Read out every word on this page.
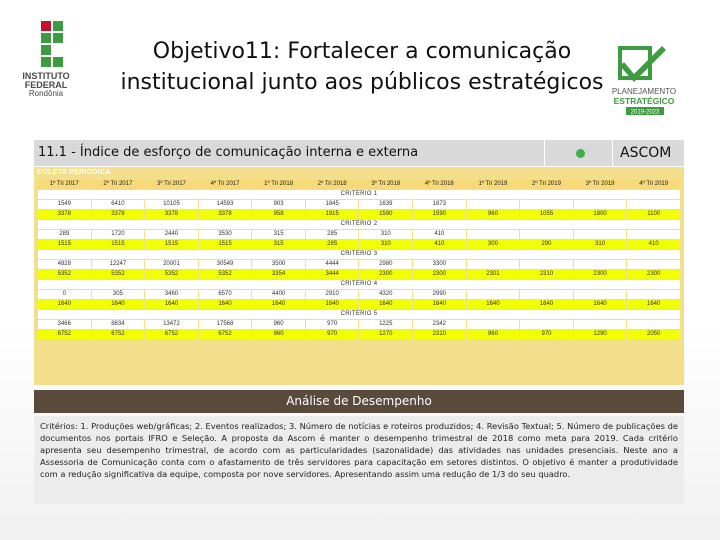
INSTITUTO
FEDERAL
Rondônia	PLANEJAMENTO
ESTRATÉGICO
2019-2023
Objetivo11: Fortalecer a comunicação institucional junto aos públicos estratégicos
11.1 - Índice de esforço de comunicação interna e externa	ASCOM
COLETA PERIÓDICA
1º Tri 2017	2º Tri 2017	3º Tri 2017	4º Tri 2017	1º Tri 2018	2º Tri 2018	3º Tri 2018	4º Tri 2018	1º Tri 2019	2º Tri 2019	3º Tri 2019	4º Tri 2019
CRITÉRIO 1											
1549	6410	10105	14593	903	1845	1639	1873				
3378	3378	3378	3378	958	1915	1590	1590	960	1055	1800	1100
CRITÉRIO 2											
289	1720	2440	3530	315	285	310	410				
1515	1515	1515	1515	315	285	310	410	300	290	310	410
CRITÉRIO 3											
4828	12247	20001	30549	3500	4444	2980	3300				
5352	5352	5352	5352	3354	3444	2300	2300	2301	2310	2300	2300
CRITÉRIO 4											
0	305	3460	6570	4400	2910	4320	2990				
1640	1640	1640	1640	1640	1640	1640	1640	1640	1640	1640	1640
CRITÉRIO 5											
3466	8834	13472	17568	960	970	1225	2342				
6752	6752	6752	6752	960	970	1270	2310	960	970	1290	2050
Análise de Desempenho

Critérios: 1. Produções web/gráficas; 2. Eventos realizados; 3. Número de notícias e roteiros produzidos; 4. Revisão Textual; 5. Número de publicações de documentos nos portais IFRO e Seleção. A proposta da Ascom é manter o desempenho trimestral de 2018 como meta para 2019. Cada critério apresenta seu desempenho trimestral, de acordo com as particularidades (sazonalidade) das atividades nas unidades presenciais. Neste ano a Assessoria de Comunicação conta com o afastamento de três servidores para capacitação em setores distintos. O objetivo é manter a produtividade com a redução significativa da equipe, composta por nove servidores. Apresentando assim uma redução de 1/3 do seu quadro.
